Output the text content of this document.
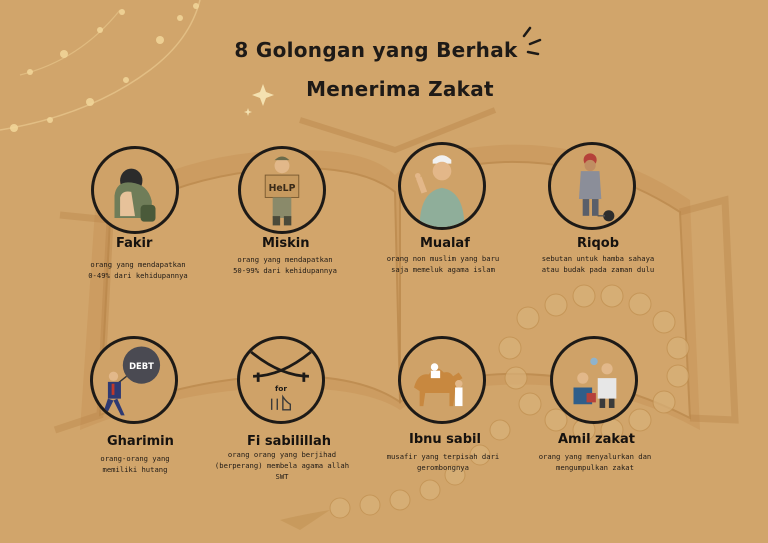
8 Golongan yang Berhak
Menerima Zakat
Fakir
orang yang mendapatkan
0-49% dari kehidupannya
HeLP
Miskin
orang yang mendapatkan
50-99% dari kehidupannya
Mualaf
orang non muslim yang baru
saja memeluk agama islam
Riqob
sebutan untuk hamba sahaya
atau budak pada zaman dulu
DEBT
Gharimin
orang-orang yang
memiliki hutang
for
Fi sabilillah
orang orang yang berjihad
(berperang) membela agama allah
SWT
Ibnu sabil
musafir yang terpisah dari
gerombongnya
Amil zakat
orang yang menyalurkan dan
mengumpulkan zakat
